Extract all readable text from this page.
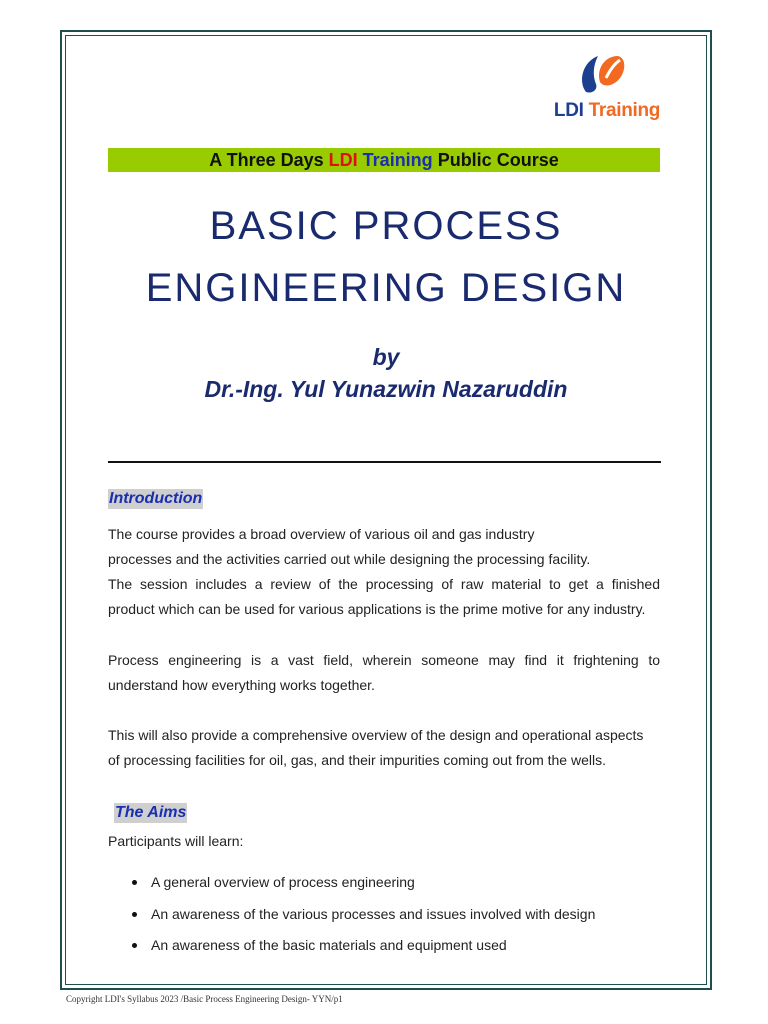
LDI Training
A Three Days LDI Training Public Course
BASIC PROCESS
ENGINEERING DESIGN
by
Dr.-Ing. Yul Yunazwin Nazaruddin
Introduction
The course provides a broad overview of various oil and gas industry
processes and the activities carried out while designing the processing facility.
The session includes a review of the processing of raw material to get a finished
product which can be used for various applications is the prime motive for any industry.
Process engineering is a vast field, wherein someone may find it frightening to
understand how everything works together.
This will also provide a comprehensive overview of the design and operational aspects
of processing facilities for oil, gas, and their impurities coming out from the wells.
The Aims
Participants will learn:
A general overview of process engineering
An awareness of the various processes and issues involved with design
An awareness of the basic materials and equipment used
Copyright LDI's Syllabus 2023 /Basic Process Engineering Design- YYN/p1
